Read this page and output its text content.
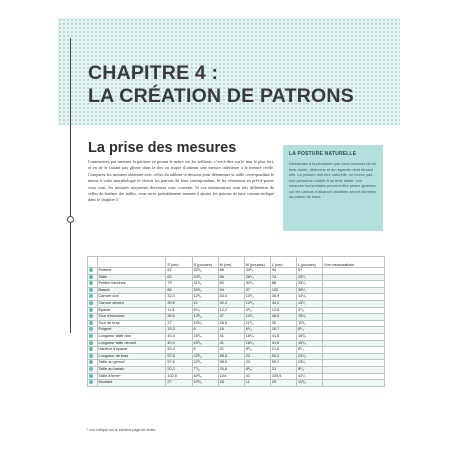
CHAPITRE 4 :
LA CRÉATION DE PATRONS
La prise des mesures

Commencez par mesurer la poitrine en posant le mètre sur les seillants, c’est-à-dire sur le tour le plus fort, et en ne le faisant pas glisser dans le dos ou risque d’obtenir une mesure inférieure à la mesure réelle. Comparez les mesures obtenues avec celles du tableau ci-dessous pour déterminer la taille correspondant le mieux à votre morphologie et choisir les patrons de base correspondant. Si les vêtements en prêt-à-porter vous vont, les mesures moyennes devraient vous convenir. Si vos mensurations sont très différentes de celles du barème des tailles, vous serez probablement amenée à ajuster les patrons de base comme indiqué dans le chapitre 5.

LA POSTURE NATURELLE

Demandez à la personne que vous mesurez de se tenir droite, détendue et de regarder droit devant elle. La posture doit être naturelle, ne forcez pas une personne voûtée à se tenir droite. Les mesures horizontales peuvent être prises ajustées car les valeurs d’aisance variables seront données au patron de base.

		S (cm)	S (pouces)	M (cm)	M (pouces)	L (cm)	L (pouces)	Vos mensurations
	Poitrine	82	32¹/₄	86	34¹/₂	94	37	
	Taille	62	24¹/₂	66	26¹/₂	74	29¹/₂	
	Petites hanches	79	31¹/₄	80	31¹/₂	86	33¹/₄	
	Bassin	86	34¹/₂	94	37	100	39¹/₂	
	Carrure dos	32,0	12¹/₂	34,4	13¹/₂	35,9	14¹/₈	
	Carrure devant	30,6	12	32,4	12³/₄	34,2	13¹/₂	
	Épaule	11,8	4⁵/₈	12,2	4³/₄	12,6	4⁷/₈	
	Tour d’encolure	35,5	13³/₄	37	14¹/₂	38,5	15¹/₈	
	Tour de bras	27	10⁵/₈	28,5	11¹/₄	30	11³/₄	
	Poignet	15,3	6	16	6¹/₄	16,7	6¹/₂	
	Longueur taille dos	40,4	15⁷/₈	41	16¹/₈	41,6	16³/₈	
	Longueur taille devant	40,4	15⁷/₈	41	16¹/₈	41,6	16³/₈	
	Hauteur d’épaule	20,4	8	21	8¹/₄	21,6	8¹/₂	
	Longueur de bras	57,8	22³/₄	58,5	23	59,2	23¹/₄	
	Taille au genou*	57,6	22³/₄	58,5	23	59,2	23¹/₄	
	Taille au bassin	20,2	7⁷/₈	20,6	8¹/₈	21	8¹/₄	
	Taille à terre*	102,5	40³/₈	104	41	105,5	41¹/₂	
	Montant	27	10⁵/₈	28	11	29	11³/₈	
* non indiqué sur le schéma page de droite
